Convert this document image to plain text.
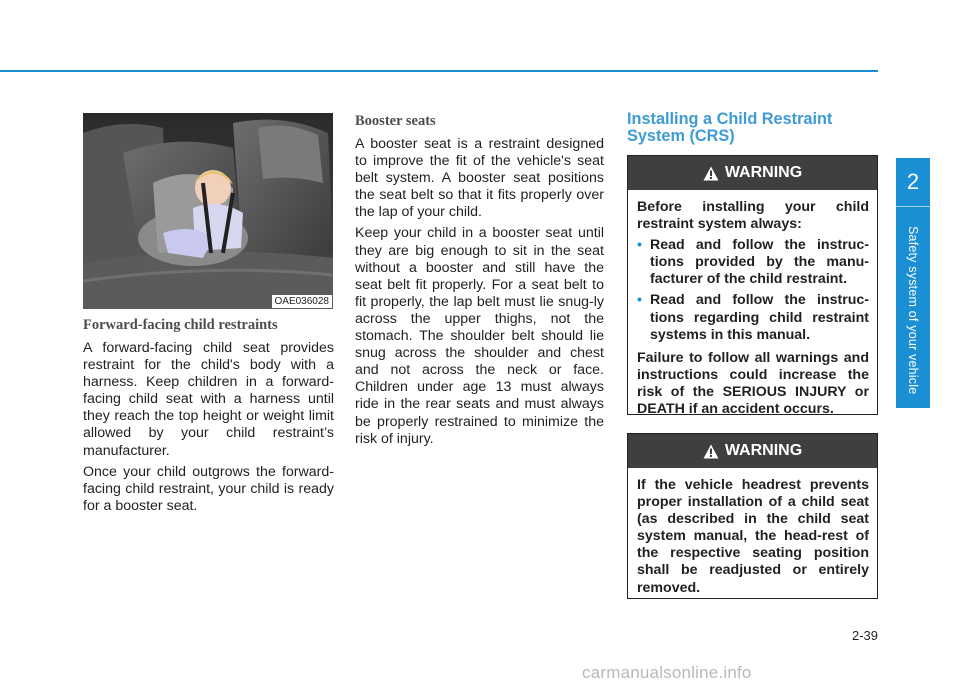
OAE036028
Forward-facing child restraints

A forward-facing child seat provides restraint for the child's body with a harness. Keep children in a forward-facing child seat with a harness until they reach the top height or weight limit allowed by your child restraint’s manufacturer.

Once your child outgrows the forward-facing child restraint, your child is ready for a booster seat.

Booster seats

A booster seat is a restraint designed to improve the fit of the vehicle's seat belt system. A booster seat positions the seat belt so that it fits properly over the lap of your child.

Keep your child in a booster seat until they are big enough to sit in the seat without a booster and still have the seat belt fit properly. For a seat belt to fit properly, the lap belt must lie snug-ly across the upper thighs, not the stomach. The shoulder belt should lie snug across the shoulder and chest and not across the neck or face. Children under age 13 must always ride in the rear seats and must always be properly restrained to minimize the risk of injury.

Installing a Child Restraint System (CRS)
WARNING

Before installing your child restraint system always:

• Read and follow the instruc-tions provided by the manu-facturer of the child restraint.
• Read and follow the instruc-tions regarding child restraint systems in this manual.

Failure to follow all warnings and instructions could increase the risk of the SERIOUS INJURY or DEATH if an accident occurs.

WARNING

If the vehicle headrest prevents proper installation of a child seat (as described in the child seat system manual, the head-rest of the respective seating position shall be readjusted or entirely removed.

2
Safety system of your vehicle
2-39
carmanualsonline.info
